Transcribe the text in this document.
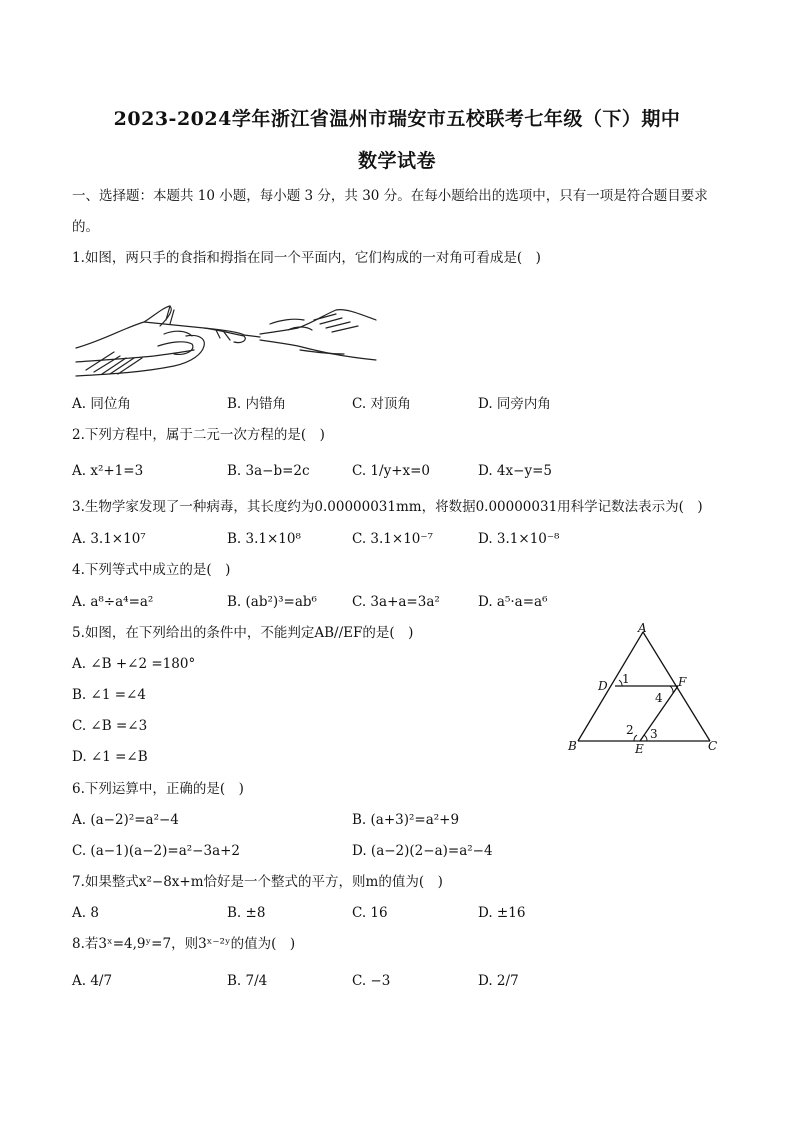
2023-2024学年浙江省温州市瑞安市五校联考七年级（下）期中
数学试卷
一、选择题：本题共 10 小题，每小题 3 分，共 30 分。在每小题给出的选项中，只有一项是符合题目要求
的。
1.如图，两只手的食指和拇指在同一个平面内，它们构成的一对角可看成是(　)
A. 同位角	B. 内错角	C. 对顶角	D. 同旁内角
2.下列方程中，属于二元一次方程的是(　)
A. x²+1=3	B. 3a−b=2c	C. 1/y+x=0	D. 4x−y=5
3.生物学家发现了一种病毒，其长度约为0.0000003​1mm，将数据0.0000003​1用科学记数法表示为(　)
A. 3.1×10⁷	B. 3.1×10⁸	C. 3.1×10⁻⁷	D. 3.1×10⁻⁸
4.下列等式中成立的是(　)
A. a⁸÷a⁴=a²	B. (ab²)³=ab⁶	C. 3a+a=3a²	D. a⁵·a=a⁶
5.如图，在下列给出的条件中，不能判定AB//EF的是(　)
A. ∠B +∠2 =180°
B. ∠1 =∠4
C. ∠B =∠3
D. ∠1 =∠B
A
D 1	F
4
2 3
B	E	C
6.下列运算中，正确的是(　)
A. (a−2)²=a²−4	B. (a+3)²=a²+9
C. (a−1)(a−2)=a²−3a+2	D. (a−2)(2−a)=a²−4
7.如果整式x²−8x+m恰好是一个整式的平方，则m的值为(　)
A. 8	B. ±8	C. 16	D. ±16
8.若3ˣ=4,9ʸ=7，则3ˣ⁻²ʸ的值为(　)
A. 4/7	B. 7/4	C. −3	D. 2/7
